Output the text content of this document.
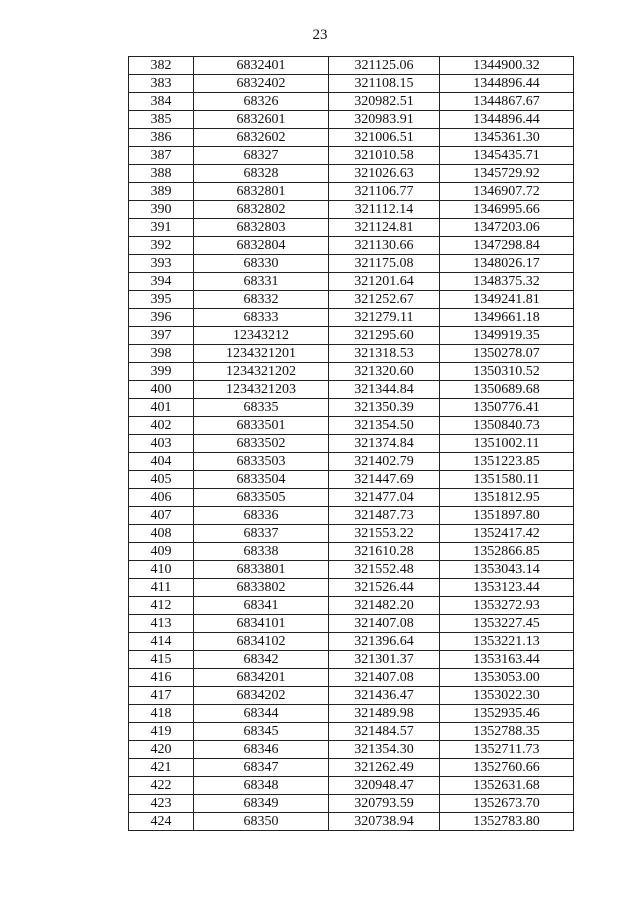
23
382	6832401	321125.06	1344900.32
383	6832402	321108.15	1344896.44
384	68326	320982.51	1344867.67
385	6832601	320983.91	1344896.44
386	6832602	321006.51	1345361.30
387	68327	321010.58	1345435.71
388	68328	321026.63	1345729.92
389	6832801	321106.77	1346907.72
390	6832802	321112.14	1346995.66
391	6832803	321124.81	1347203.06
392	6832804	321130.66	1347298.84
393	68330	321175.08	1348026.17
394	68331	321201.64	1348375.32
395	68332	321252.67	1349241.81
396	68333	321279.11	1349661.18
397	12343212	321295.60	1349919.35
398	1234321201	321318.53	1350278.07
399	1234321202	321320.60	1350310.52
400	1234321203	321344.84	1350689.68
401	68335	321350.39	1350776.41
402	6833501	321354.50	1350840.73
403	6833502	321374.84	1351002.11
404	6833503	321402.79	1351223.85
405	6833504	321447.69	1351580.11
406	6833505	321477.04	1351812.95
407	68336	321487.73	1351897.80
408	68337	321553.22	1352417.42
409	68338	321610.28	1352866.85
410	6833801	321552.48	1353043.14
411	6833802	321526.44	1353123.44
412	68341	321482.20	1353272.93
413	6834101	321407.08	1353227.45
414	6834102	321396.64	1353221.13
415	68342	321301.37	1353163.44
416	6834201	321407.08	1353053.00
417	6834202	321436.47	1353022.30
418	68344	321489.98	1352935.46
419	68345	321484.57	1352788.35
420	68346	321354.30	1352711.73
421	68347	321262.49	1352760.66
422	68348	320948.47	1352631.68
423	68349	320793.59	1352673.70
424	68350	320738.94	1352783.80
